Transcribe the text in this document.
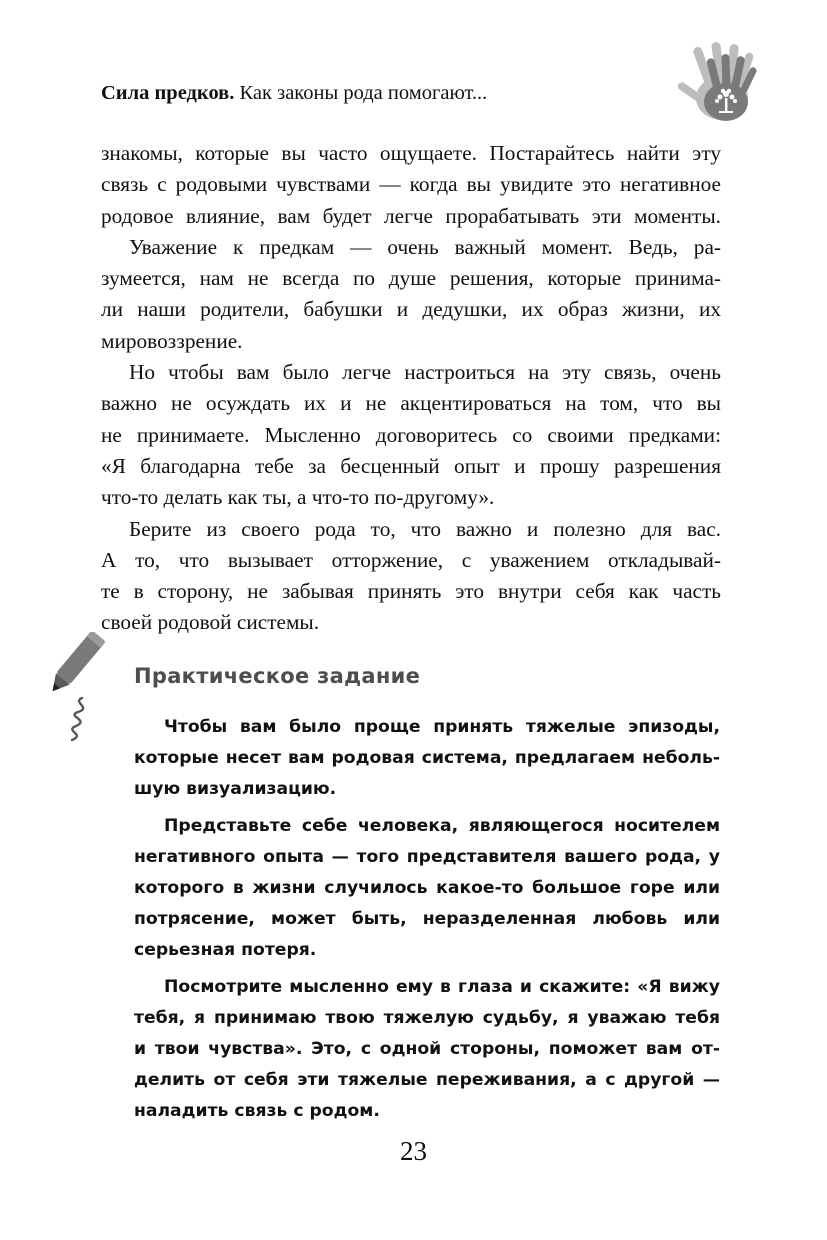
Сила предков. Как законы рода помогают...

знакомы, которые вы часто ощущаете. Постарайтесь найти эту
связь с родовыми чувствами — когда вы увидите это негативное
родовое влияние, вам будет легче прорабатывать эти моменты.

Уважение к предкам — очень важный момент. Ведь, ра-
зумеется, нам не всегда по душе решения, которые принима-
ли наши родители, бабушки и дедушки, их образ жизни, их
мировоззрение.

Но чтобы вам было легче настроиться на эту связь, очень
важно не осуждать их и не акцентироваться на том, что вы
не принимаете. Мысленно договоритесь со своими предками:
«Я благодарна тебе за бесценный опыт и прошу разрешения
что-то делать как ты, а что-то по-другому».

Берите из своего рода то, что важно и полезно для вас.
А то, что вызывает отторжение, с уважением откладывай-
те в сторону, не забывая принять это внутри себя как часть
своей родовой системы.

Практическое задание

Чтобы вам было проще принять тяжелые эпизоды,
которые несет вам родовая система, предлагаем неболь-
шую визуализацию.

Представьте себе человека, являющегося носителем
негативного опыта — того представителя вашего рода, у
которого в жизни случилось какое-то большое горе или
потрясение, может быть, неразделенная любовь или
серьезная потеря.

Посмотрите мысленно ему в глаза и скажите: «Я вижу
тебя, я принимаю твою тяжелую судьбу, я уважаю тебя
и твои чувства». Это, с одной стороны, поможет вам от-
делить от себя эти тяжелые переживания, а с другой —
наладить связь с родом.

23
